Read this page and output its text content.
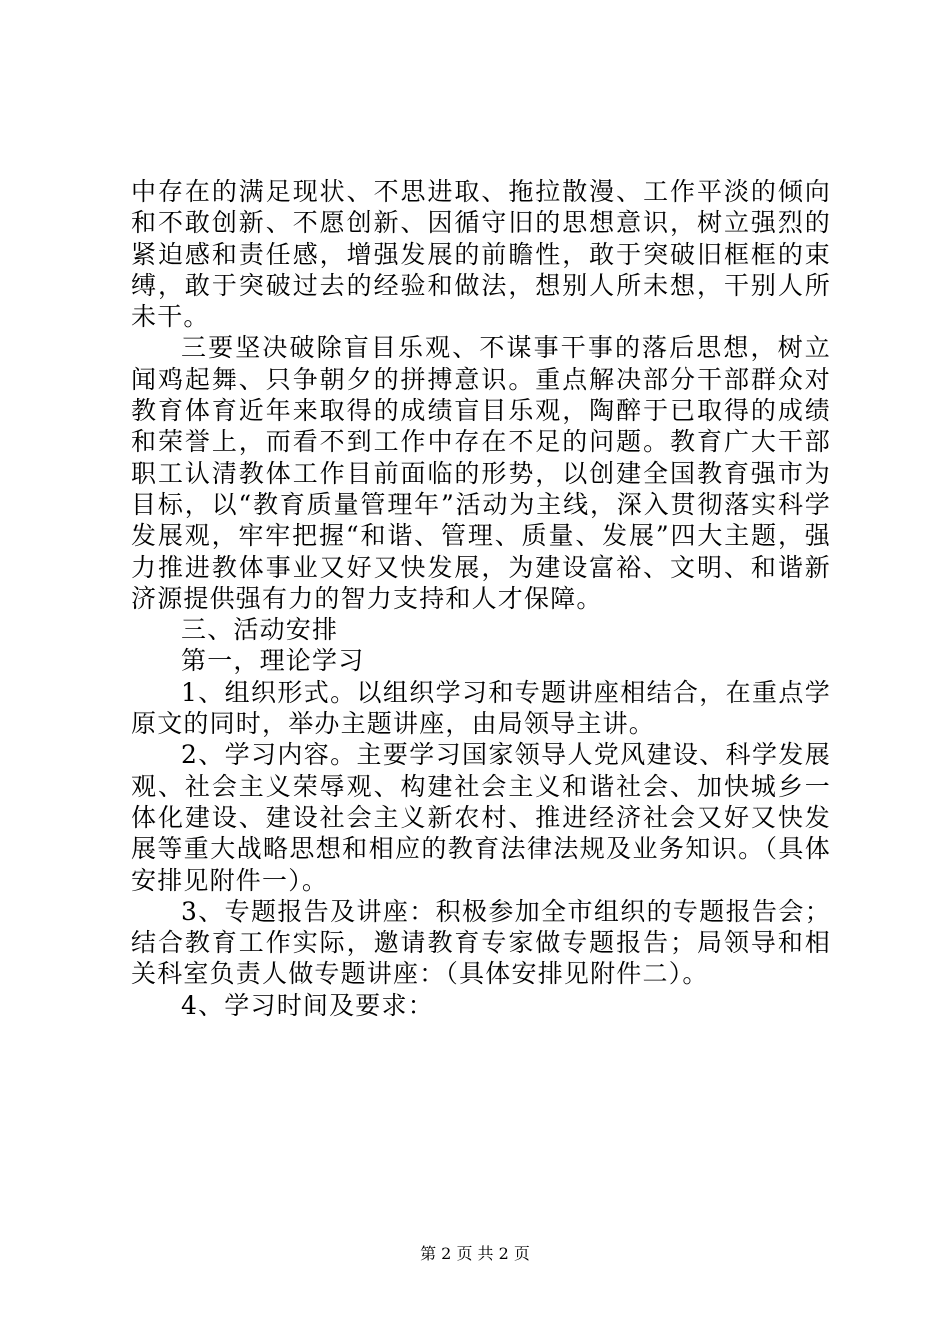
中存在的满足现状、不思进取、拖拉散漫、工作平淡的倾向和不敢创新、不愿创新、因循守旧的思想意识，树立强烈的紧迫感和责任感，增强发展的前瞻性，敢于突破旧框框的束缚，敢于突破过去的经验和做法，想别人所未想，干别人所未干。

三要坚决破除盲目乐观、不谋事干事的落后思想，树立闻鸡起舞、只争朝夕的拼搏意识。重点解决部分干部群众对教育体育近年来取得的成绩盲目乐观，陶醉于已取得的成绩和荣誉上，而看不到工作中存在不足的问题。教育广大干部职工认清教体工作目前面临的形势，以创建全国教育强市为目标，以“教育质量管理年”活动为主线，深入贯彻落实科学发展观，牢牢把握“和谐、管理、质量、发展”四大主题，强力推进教体事业又好又快发展，为建设富裕、文明、和谐新济源提供强有力的智力支持和人才保障。

三、活动安排

第一，理论学习

1、组织形式。以组织学习和专题讲座相结合，在重点学原文的同时，举办主题讲座，由局领导主讲。

2、学习内容。主要学习国家领导人党风建设、科学发展观、社会主义荣辱观、构建社会主义和谐社会、加快城乡一体化建设、建设社会主义新农村、推进经济社会又好又快发展等重大战略思想和相应的教育法律法规及业务知识。（具体安排见附件一）。

3、专题报告及讲座：积极参加全市组织的专题报告会；结合教育工作实际，邀请教育专家做专题报告；局领导和相关科室负责人做专题讲座：（具体安排见附件二）。

4、学习时间及要求：

第 2 页 共 2 页
